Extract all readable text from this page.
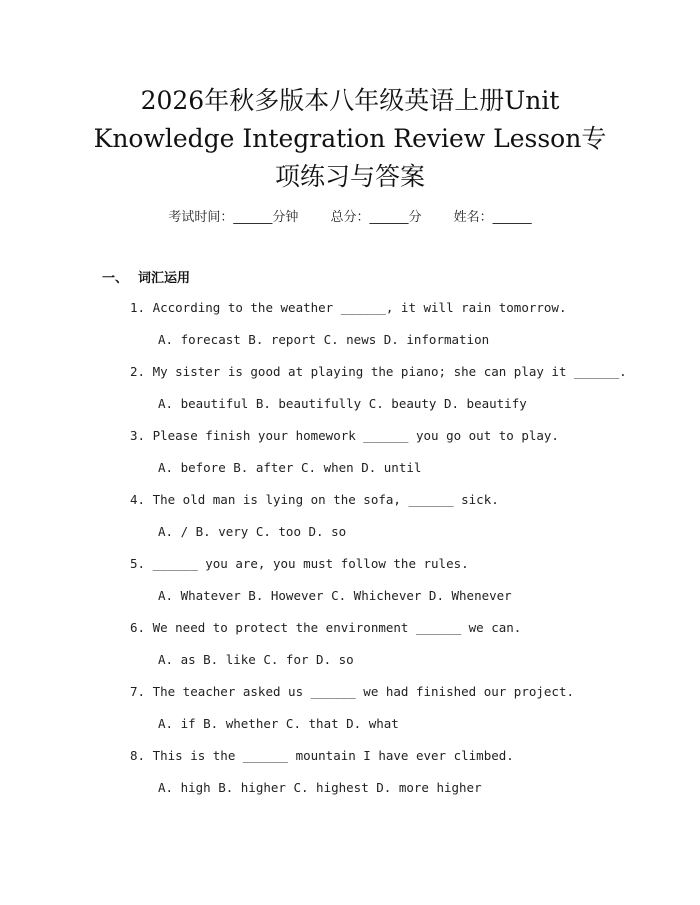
2026年秋多版本八年级英语上册Unit
Knowledge Integration Review Lesson专
项练习与答案
考试时间：______分钟 总分：______分 姓名：______
一、 词汇运用
1. According to the weather ______, it will rain tomorrow.
A. forecast B. report C. news D. information
2. My sister is good at playing the piano; she can play it ______.
A. beautiful B. beautifully C. beauty D. beautify
3. Please finish your homework ______ you go out to play.
A. before B. after C. when D. until
4. The old man is lying on the sofa, ______ sick.
A. / B. very C. too D. so
5. ______ you are, you must follow the rules.
A. Whatever B. However C. Whichever D. Whenever
6. We need to protect the environment ______ we can.
A. as B. like C. for D. so
7. The teacher asked us ______ we had finished our project.
A. if B. whether C. that D. what
8. This is the ______ mountain I have ever climbed.
A. high B. higher C. highest D. more higher
